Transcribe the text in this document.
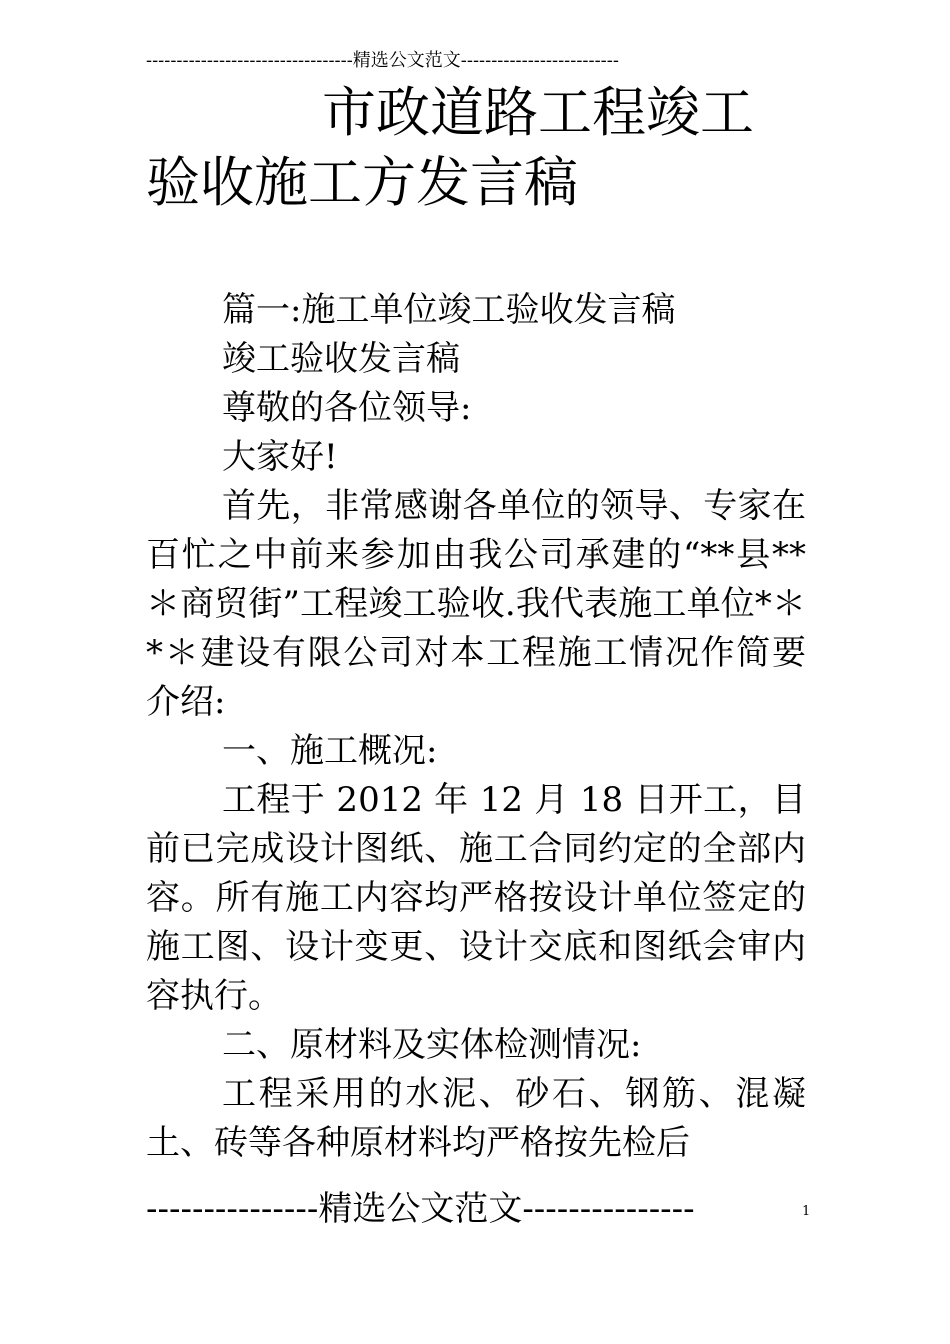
----------------------------------精选公文范文--------------------------
市政道路工程竣工
验收施工方发言稿

篇一:施工单位竣工验收发言稿

竣工验收发言稿

尊敬的各位领导:

大家好!

首先，非常感谢各单位的领导、专家在百忙之中前来参加由我公司承建的“**县**＊商贸街”工程竣工验收.我代表施工单位*＊*＊建设有限公司对本工程施工情况作简要介绍:

一、施工概况:

工程于 2012 年 12 月 18 日开工，目前已完成设计图纸、施工合同约定的全部内容。所有施工内容均严格按设计单位签定的施工图、设计变更、设计交底和图纸会审内容执行。

二、原材料及实体检测情况:

工程采用的水泥、砂石、钢筋、混凝土、砖等各种原材料均严格按先检后

---------------精选公文范文---------------	1
